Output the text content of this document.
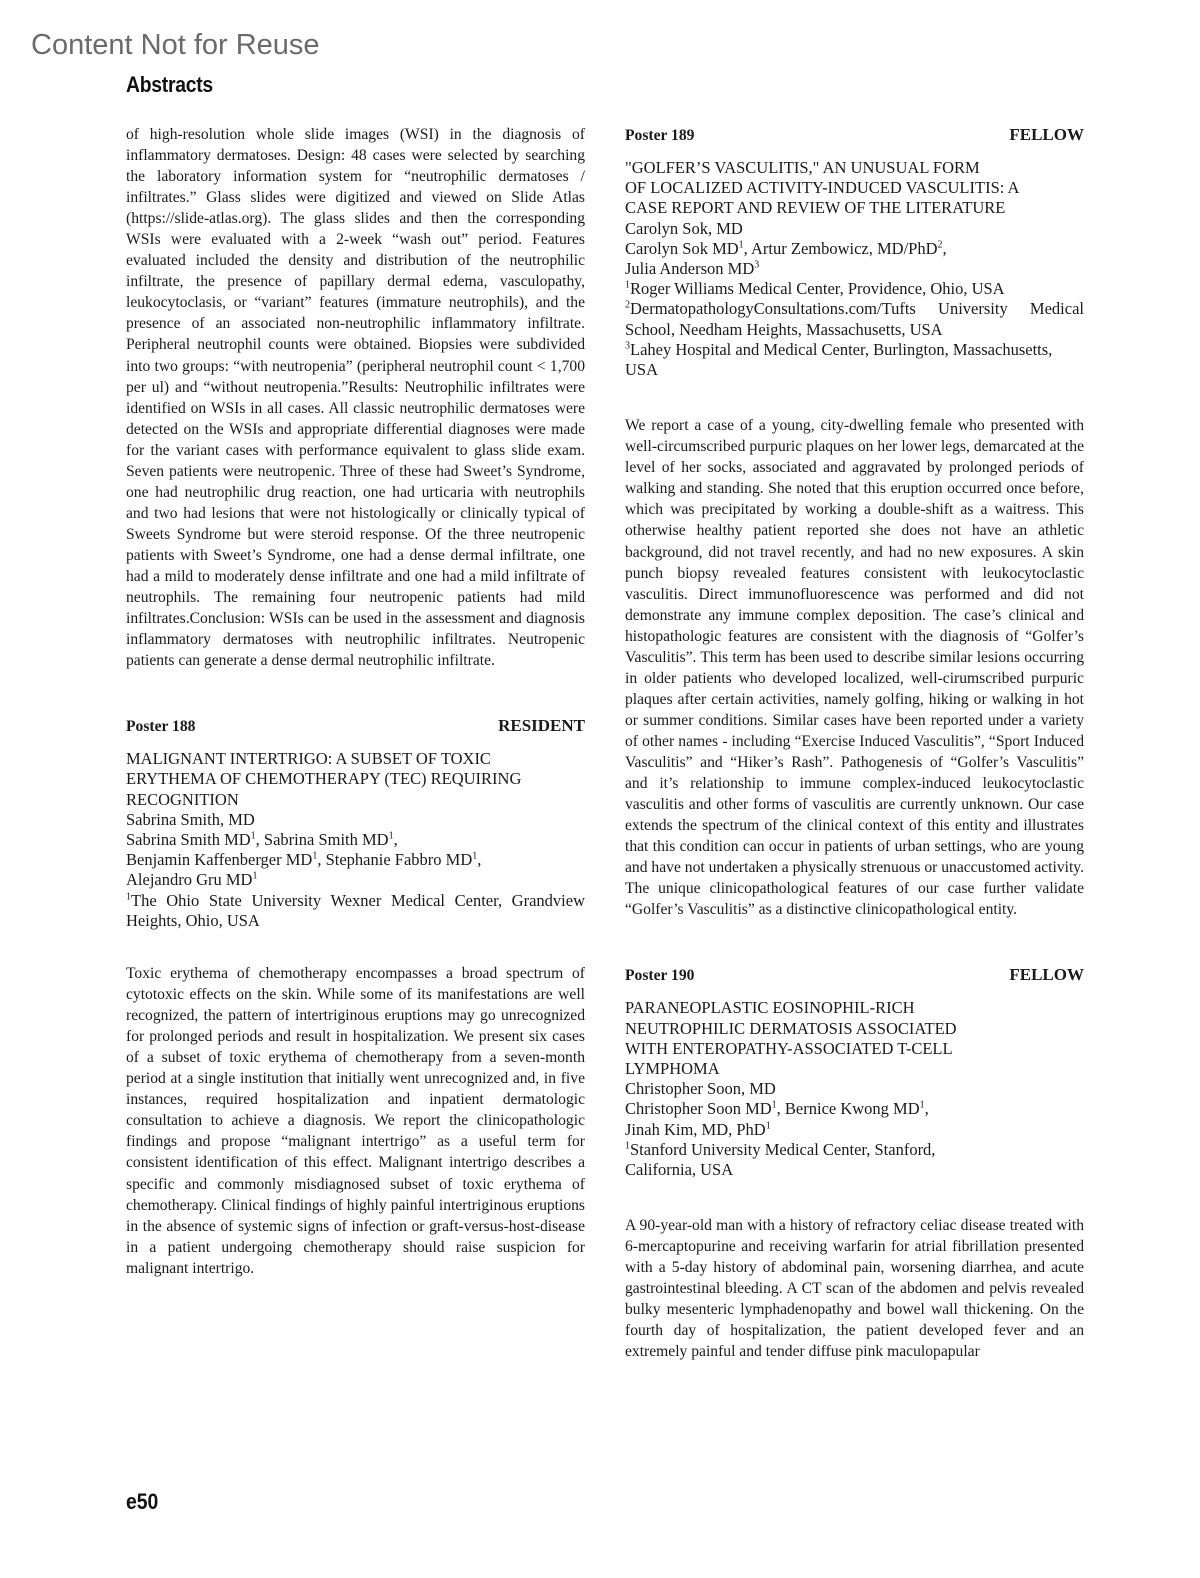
Content Not for Reuse
Abstracts

of high-resolution whole slide images (WSI) in the diagnosis of inflammatory dermatoses. Design: 48 cases were selected by searching the laboratory information system for “neutrophilic dermatoses / infiltrates.” Glass slides were digitized and viewed on Slide Atlas (https://slide-atlas.org). The glass slides and then the corresponding WSIs were evaluated with a 2-week “wash out” period. Features evaluated included the density and distribution of the neutrophilic infiltrate, the presence of papillary dermal edema, vasculopathy, leukocytoclasis, or “variant” features (immature neutrophils), and the presence of an associated non-neutrophilic inflammatory infiltrate. Peripheral neutrophil counts were obtained. Biopsies were subdivided into two groups: “with neutropenia” (peripheral neutrophil count < 1,700 per ul) and “without neutropenia.”Results: Neutrophilic infiltrates were identified on WSIs in all cases. All classic neutrophilic dermatoses were detected on the WSIs and appropriate differential diagnoses were made for the variant cases with performance equivalent to glass slide exam. Seven patients were neutropenic. Three of these had Sweet’s Syndrome, one had neutrophilic drug reaction, one had urticaria with neutrophils and two had lesions that were not histologically or clinically typical of Sweets Syndrome but were steroid response. Of the three neutropenic patients with Sweet’s Syndrome, one had a dense dermal infiltrate, one had a mild to moderately dense infiltrate and one had a mild infiltrate of neutrophils. The remaining four neutropenic patients had mild infiltrates.Conclusion: WSIs can be used in the assessment and diagnosis inflammatory dermatoses with neutrophilic infiltrates. Neutropenic patients can generate a dense dermal neutrophilic infiltrate.

Poster 188	RESIDENT

MALIGNANT INTERTRIGO: A SUBSET OF TOXIC
ERYTHEMA OF CHEMOTHERAPY (TEC) REQUIRING
RECOGNITION

Sabrina Smith, MD

Sabrina Smith $MD^1$, Sabrina Smith $MD^1$,
Benjamin Kaffenberger $MD^1$, Stephanie Fabbro $MD^1$,
Alejandro Gru $MD^1$

$^1$The Ohio State University Wexner Medical Center, Grandview Heights, Ohio, USA

Toxic erythema of chemotherapy encompasses a broad spectrum of cytotoxic effects on the skin. While some of its manifestations are well recognized, the pattern of intertriginous eruptions may go unrecognized for prolonged periods and result in hospitalization. We present six cases of a subset of toxic erythema of chemotherapy from a seven-month period at a single institution that initially went unrecognized and, in five instances, required hospitalization and inpatient dermatologic consultation to achieve a diagnosis. We report the clinicopathologic findings and propose “malignant intertrigo” as a useful term for consistent identification of this effect. Malignant intertrigo describes a specific and commonly misdiagnosed subset of toxic erythema of chemotherapy. Clinical findings of highly painful intertriginous eruptions in the absence of systemic signs of infection or graft-versus-host-disease in a patient undergoing chemotherapy should raise suspicion for malignant intertrigo.

Poster 189	FELLOW

"GOLFER’S VASCULITIS," AN UNUSUAL FORM
OF LOCALIZED ACTIVITY-INDUCED VASCULITIS: A
CASE REPORT AND REVIEW OF THE LITERATURE

Carolyn Sok, MD

Carolyn Sok $MD^1$, Artur Zembowicz, MD/PhD$^2$,
Julia Anderson $MD^3$

$^1$Roger Williams Medical Center, Providence, Ohio, USA

$^2$DermatopathologyConsultations.com/Tufts University Medical School, Needham Heights, Massachusetts, USA

$^3$Lahey Hospital and Medical Center, Burlington, Massachusetts, USA

We report a case of a young, city-dwelling female who presented with well-circumscribed purpuric plaques on her lower legs, demarcated at the level of her socks, associated and aggravated by prolonged periods of walking and standing. She noted that this eruption occurred once before, which was precipitated by working a double-shift as a waitress. This otherwise healthy patient reported she does not have an athletic background, did not travel recently, and had no new exposures. A skin punch biopsy revealed features consistent with leukocytoclastic vasculitis. Direct immunofluorescence was performed and did not demonstrate any immune complex deposition. The case’s clinical and histopathologic features are consistent with the diagnosis of “Golfer’s Vasculitis”. This term has been used to describe similar lesions occurring in older patients who developed localized, well-cirumscribed purpuric plaques after certain activities, namely golfing, hiking or walking in hot or summer conditions. Similar cases have been reported under a variety of other names - including “Exercise Induced Vasculitis”, “Sport Induced Vasculitis” and “Hiker’s Rash”. Pathogenesis of “Golfer’s Vasculitis” and it’s relationship to immune complex-induced leukocytoclastic vasculitis and other forms of vasculitis are currently unknown. Our case extends the spectrum of the clinical context of this entity and illustrates that this condition can occur in patients of urban settings, who are young and have not undertaken a physically strenuous or unaccustomed activity. The unique clinicopathological features of our case further validate “Golfer’s Vasculitis” as a distinctive clinicopathological entity.

Poster 190	FELLOW

PARANEOPLASTIC EOSINOPHIL-RICH
NEUTROPHILIC DERMATOSIS ASSOCIATED
WITH ENTEROPATHY-ASSOCIATED T-CELL
LYMPHOMA

Christopher Soon, MD

Christopher Soon $MD^1$, Bernice Kwong $MD^1$,
Jinah Kim, MD, PhD$^1$

$^1$Stanford University Medical Center, Stanford,
California, USA

A 90-year-old man with a history of refractory celiac disease treated with 6-mercaptopurine and receiving warfarin for atrial fibrillation presented with a 5-day history of abdominal pain, worsening diarrhea, and acute gastrointestinal bleeding. A CT scan of the abdomen and pelvis revealed bulky mesenteric lymphadenopathy and bowel wall thickening. On the fourth day of hospitalization, the patient developed fever and an extremely painful and tender diffuse pink maculopapular

e50
